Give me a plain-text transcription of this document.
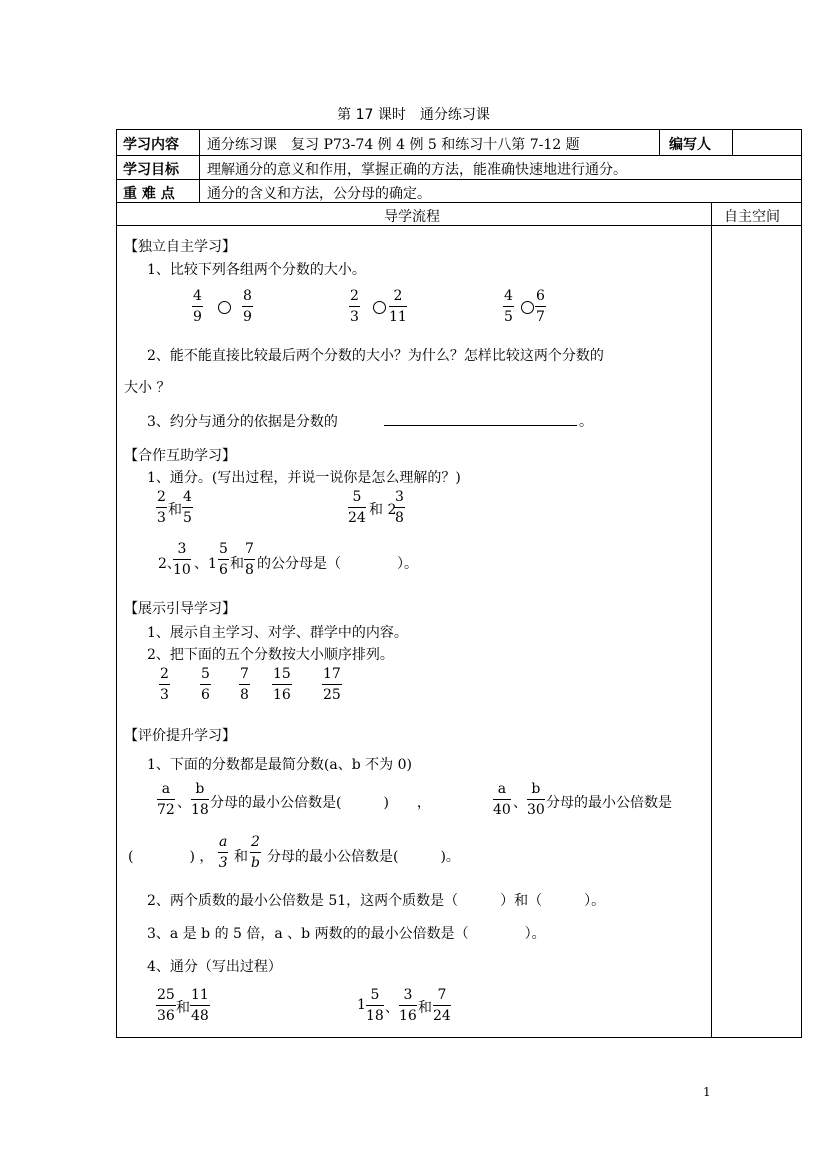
第 17 课时　通分练习课
学习内容 通分练习课　复习 P73-74 例 4 例 5 和练习十八第 7-12 题	编写人
学习目标 理解通分的意义和作用，掌握正确的方法，能准确快速地进行通分。
重 难 点 通分的含义和方法，公分母的确定。
导学流程	自主空间
【独立自主学习】
1、比较下列各组两个分数的大小。
$\frac{4}{9}$	$\frac{8}{9}$	$\frac{2}{3} \frac{2}{11}$	$\frac{4}{5} \frac{6}{7}$
2、能不能直接比较最后两个分数的大小？为什么？怎样比较这两个分数的
大小 ？
3、约分与通分的依据是分数的	。
【合作互助学习】
1、通分。(写出过程，并说一说你是怎么理解的？)
$\frac{2}{3}$ 和 $\frac{4}{5}$	$\frac{5}{24}$ 和 2
$\frac{3}{8}$
2、
$\frac{3}{10}$ 、$1 \frac{5}{6}$ 和 $\frac{7}{8}$ 的公分母是（　　　　）。
【展示引导学习】
1、展示自主学习、对学、群学中的内容。
2、把下面的五个分数按大小顺序排列。
$\frac{2}{3} \frac{5}{6} \frac{7}{8} \frac{15}{16} \frac{17}{25}$
【评价提升学习】
1、下面的分数都是最简分数(a、b 不为 0)
$\frac{a}{72}$ 、 $\frac{b}{18}$ 分母的最小公倍数是(　　　)　　，	$\frac{a}{40}$ 、 $\frac{b}{30}$ 分母的最小公倍数是
(　　　　) ， $\frac{a}{3}$ 和 $\frac{2}{b}$ 分母的最小公倍数是(　　　)。
2、两个质数的最小公倍数是 51，这两个质数是（　　　）和（　　　）。
3、a 是 b 的 5 倍，a 、b 两数的的最小公倍数是（　　　　）。
4、通分（写出过程）
$\frac{25}{36}$ 和 $\frac{11}{48}$	$1 \frac{5}{18}$ 、 $\frac{3}{16}$ 和 $\frac{7}{24}$
1
